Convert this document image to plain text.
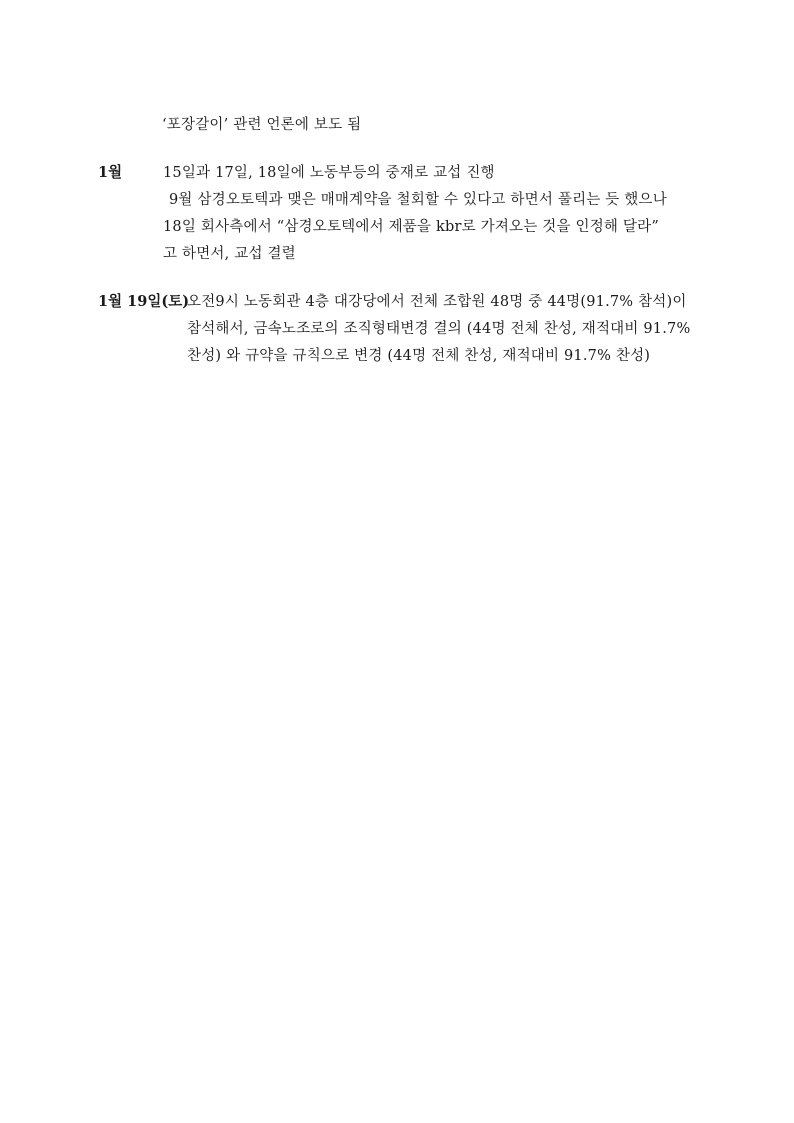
‘포장갈이’ 관련 언론에 보도 됨
1월	15일과 17일, 18일에 노동부등의 중재로 교섭 진행
9월 삼경오토텍과 맺은 매매계약을 철회할 수 있다고 하면서 풀리는 듯 했으나
18일 회사측에서 “삼경오토텍에서 제품을 kbr로 가져오는 것을 인정해 달라”
고 하면서, 교섭 결렬
1월 19일(토)
오전9시 노동회관 4층 대강당에서 전체 조합원 48명 중 44명(91.7% 참석)이
참석해서, 금속노조로의 조직형태변경 결의 (44명 전체 찬성, 재적대비 91.7%
찬성) 와 규약을 규칙으로 변경 (44명 전체 찬성, 재적대비 91.7% 찬성)
